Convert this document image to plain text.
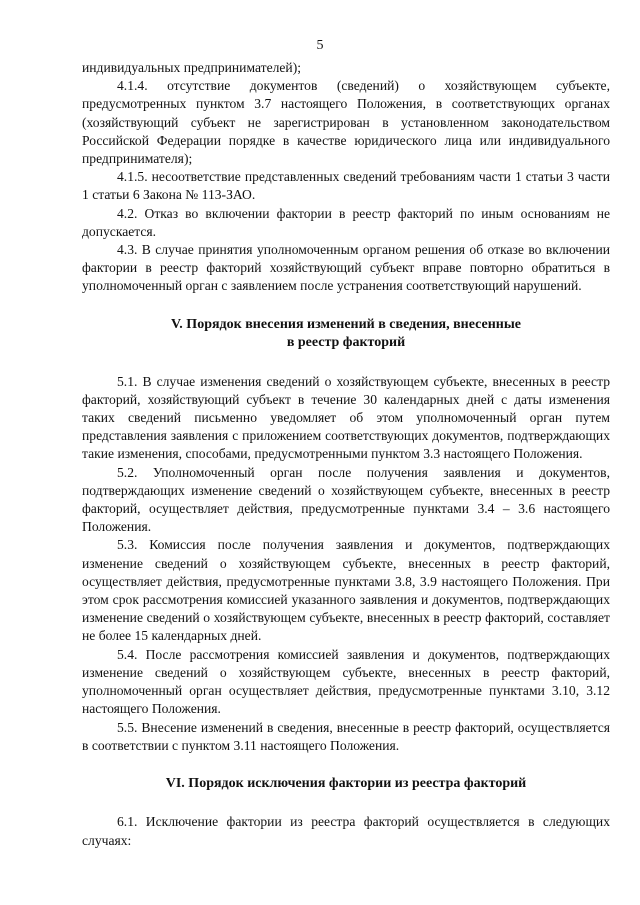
5

индивидуальных предпринимателей);

4.1.4. отсутствие документов (сведений) о хозяйствующем субъекте, предусмотренных пунктом 3.7 настоящего Положения, в соответствующих органах (хозяйствующий субъект не зарегистрирован в установленном законодательством Российской Федерации порядке в качестве юридического лица или индивидуального предпринимателя);

4.1.5. несоответствие представленных сведений требованиям части 1 статьи 3 части 1 статьи 6 Закона № 113-ЗАО.

4.2. Отказ во включении фактории в реестр факторий по иным основаниям не допускается.

4.3. В случае принятия уполномоченным органом решения об отказе во включении фактории в реестр факторий хозяйствующий субъект вправе повторно обратиться в уполномоченный орган с заявлением после устранения соответствующий нарушений.

V. Порядок внесения изменений в сведения, внесенные

в реестр факторий

5.1. В случае изменения сведений о хозяйствующем субъекте, внесенных в реестр факторий, хозяйствующий субъект в течение 30 календарных дней с даты изменения таких сведений письменно уведомляет об этом уполномоченный орган путем представления заявления с приложением соответствующих документов, подтверждающих такие изменения, способами, предусмотренными пунктом 3.3 настоящего Положения.

5.2. Уполномоченный орган после получения заявления и документов, подтверждающих изменение сведений о хозяйствующем субъекте, внесенных в реестр факторий, осуществляет действия, предусмотренные пунктами 3.4 – 3.6 настоящего Положения.

5.3. Комиссия после получения заявления и документов, подтверждающих изменение сведений о хозяйствующем субъекте, внесенных в реестр факторий, осуществляет действия, предусмотренные пунктами 3.8, 3.9 настоящего Положения. При этом срок рассмотрения комиссией указанного заявления и документов, подтверждающих изменение сведений о хозяйствующем субъекте, внесенных в реестр факторий, составляет не более 15 календарных дней.

5.4. После рассмотрения комиссией заявления и документов, подтверждающих изменение сведений о хозяйствующем субъекте, внесенных в реестр факторий, уполномоченный орган осуществляет действия, предусмотренные пунктами 3.10, 3.12 настоящего Положения.

5.5. Внесение изменений в сведения, внесенные в реестр факторий, осуществляется в соответствии с пунктом 3.11 настоящего Положения.

VI. Порядок исключения фактории из реестра факторий

6.1. Исключение фактории из реестра факторий осуществляется в следующих случаях:
